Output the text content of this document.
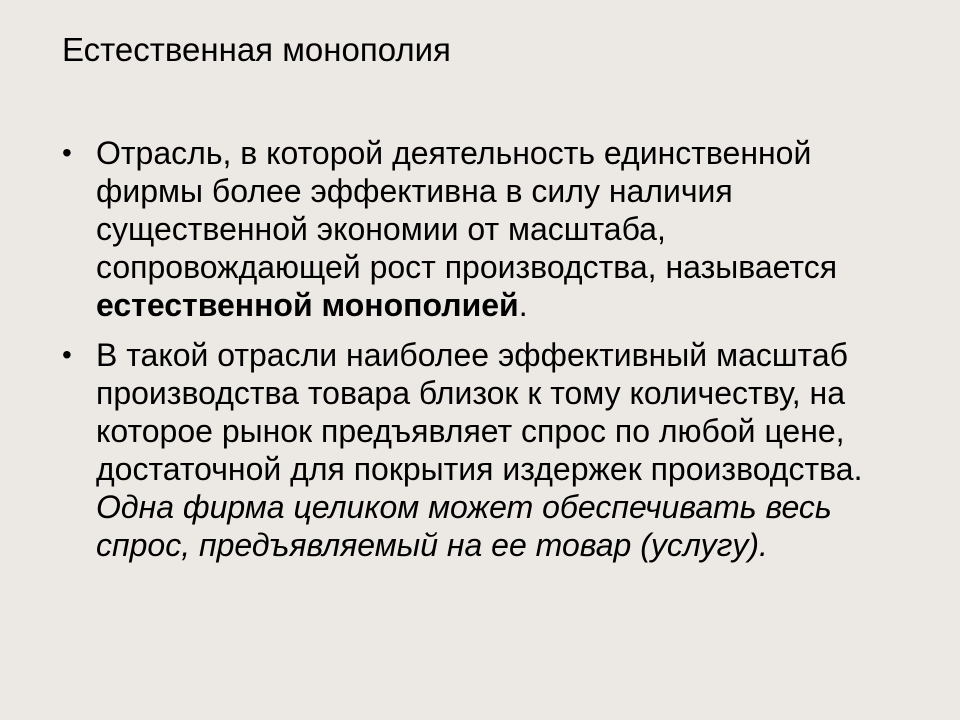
Естественная монополия
• Отрасль, в которой деятельность единственной фирмы более эффективна в силу наличия существенной экономии от масштаба, сопровождающей рост производства, называется естественной монополией.
• В такой отрасли наиболее эффективный масштаб производства товара близок к тому количеству, на которое рынок предъявляет спрос по любой цене, достаточной для покрытия издержек производства. Одна фирма целиком может обеспечивать весь спрос, предъявляемый на ее товар (услугу).
